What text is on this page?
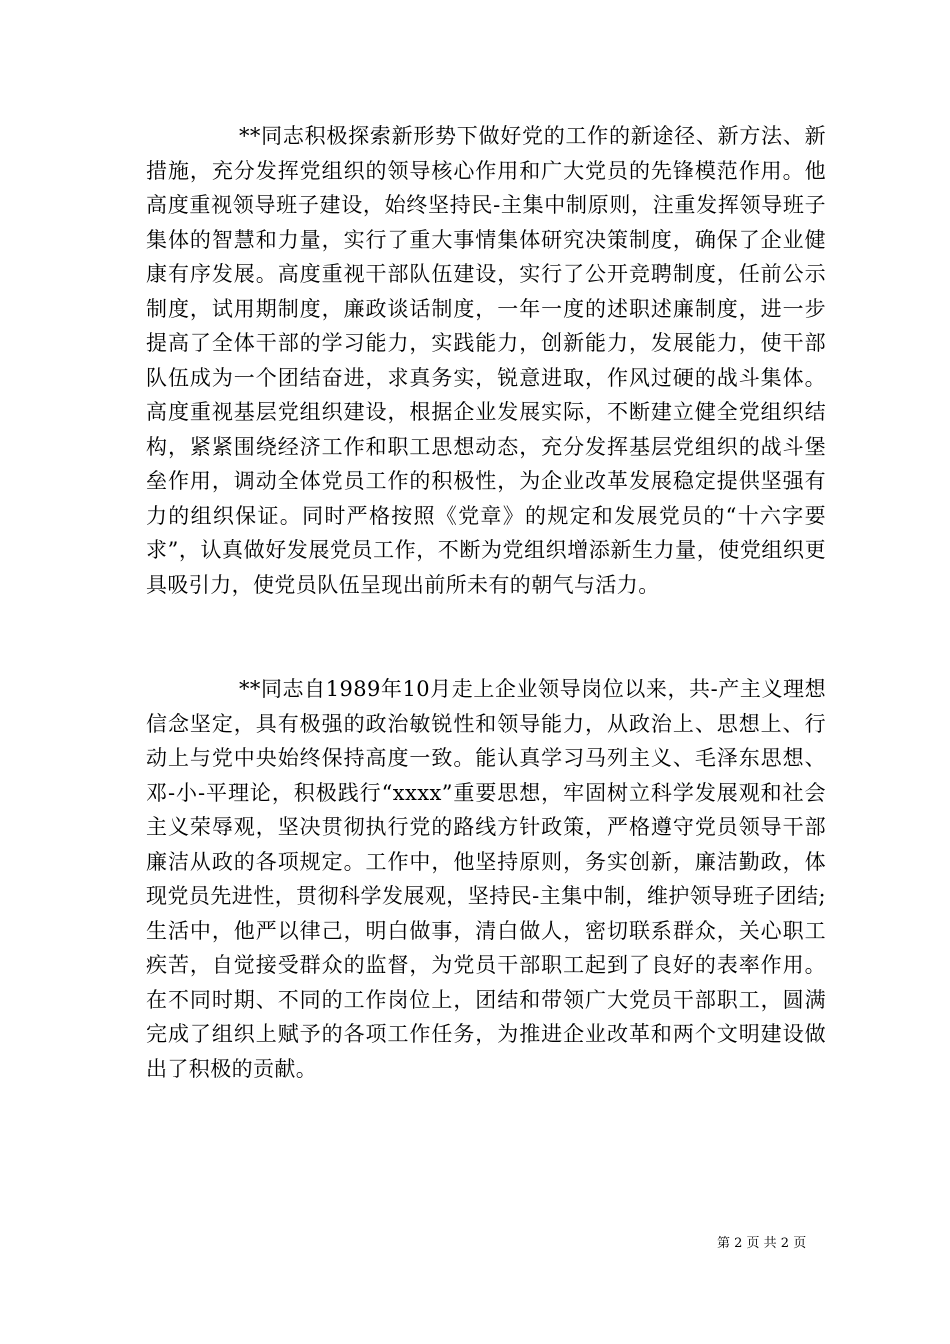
**同志积极探索新形势下做好党的工作的新途径、新方法、新措施，充分发挥党组织的领导核心作用和广大党员的先锋模范作用。他高度重视领导班子建设，始终坚持民-主集中制原则，注重发挥领导班子集体的智慧和力量，实行了重大事情集体研究决策制度，确保了企业健康有序发展。高度重视干部队伍建设，实行了公开竞聘制度，任前公示制度，试用期制度，廉政谈话制度，一年一度的述职述廉制度，进一步提高了全体干部的学习能力，实践能力，创新能力，发展能力，使干部队伍成为一个团结奋进，求真务实，锐意进取，作风过硬的战斗集体。高度重视基层党组织建设，根据企业发展实际，不断建立健全党组织结构，紧紧围绕经济工作和职工思想动态，充分发挥基层党组织的战斗堡垒作用，调动全体党员工作的积极性，为企业改革发展稳定提供坚强有力的组织保证。同时严格按照《党章》的规定和发展党员的“十六字要求”，认真做好发展党员工作，不断为党组织增添新生力量，使党组织更具吸引力，使党员队伍呈现出前所未有的朝气与活力。

**同志自1989年10月走上企业领导岗位以来，共-产主义理想信念坚定，具有极强的政治敏锐性和领导能力，从政治上、思想上、行动上与党中央始终保持高度一致。能认真学习马列主义、毛泽东思想、邓-小-平理论，积极践行“xxxx”重要思想，牢固树立科学发展观和社会主义荣辱观，坚决贯彻执行党的路线方针政策，严格遵守党员领导干部廉洁从政的各项规定。工作中，他坚持原则，务实创新，廉洁勤政，体现党员先进性，贯彻科学发展观，坚持民-主集中制，维护领导班子团结;生活中，他严以律己，明白做事，清白做人，密切联系群众，关心职工疾苦，自觉接受群众的监督，为党员干部职工起到了良好的表率作用。在不同时期、不同的工作岗位上，团结和带领广大党员干部职工，圆满完成了组织上赋予的各项工作任务，为推进企业改革和两个文明建设做出了积极的贡献。

第 2 页 共 2 页
